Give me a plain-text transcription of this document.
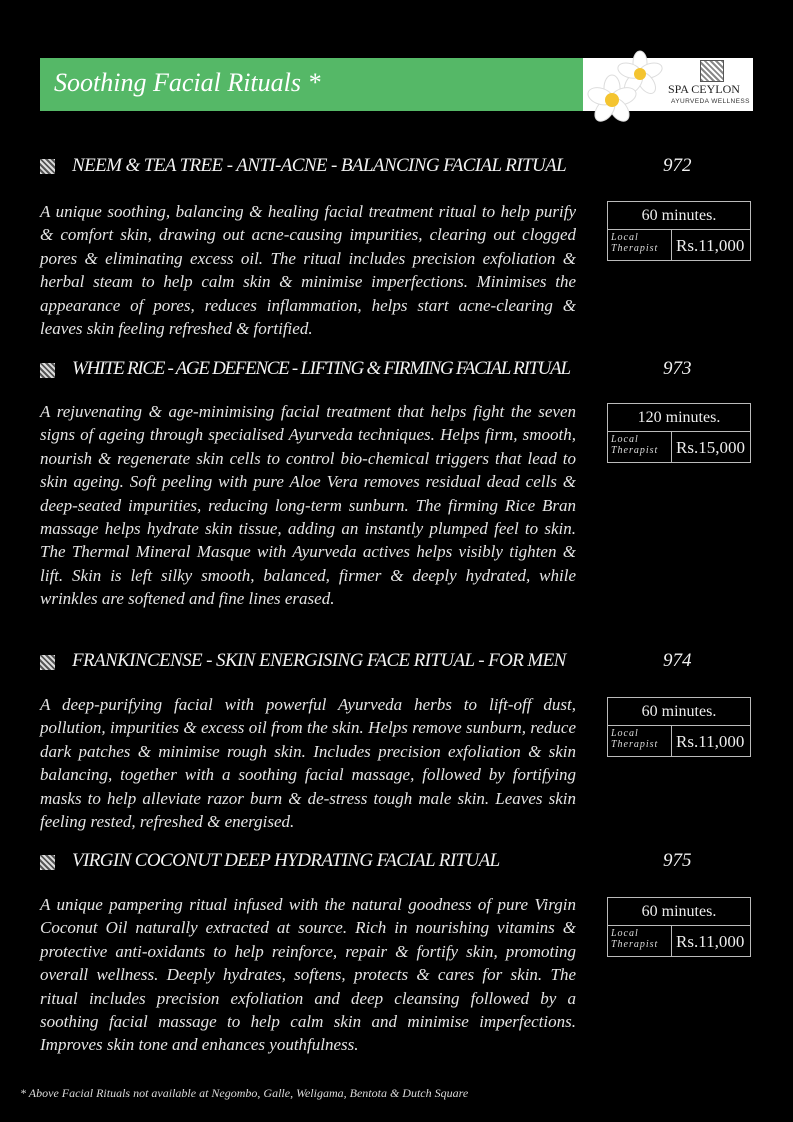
Soothing Facial Rituals *	SPA CEYLON
AYURVEDA WELLNESS
NEEM & TEA TREE - ANTI-ACNE - BALANCING FACIAL RITUAL	972

A unique soothing, balancing & healing facial treatment ritual to help purify & comfort skin, drawing out acne-causing impurities, clearing out clogged pores & eliminating excess oil. The ritual includes precision exfoliation & herbal steam to help calm skin & minimise imperfections. Minimises the appearance of pores, reduces inflammation, helps start acne-clearing & leaves skin feeling refreshed & fortified.

60 minutes.
Local
Therapist	Rs.11,000
WHITE RICE - AGE DEFENCE - LIFTING & FIRMING FACIAL RITUAL	973

A rejuvenating & age-minimising facial treatment that helps fight the seven signs of ageing through specialised Ayurveda techniques. Helps firm, smooth, nourish & regenerate skin cells to control bio-chemical triggers that lead to skin ageing. Soft peeling with pure Aloe Vera removes residual dead cells & deep-seated impurities, reducing long-term sunburn. The firming Rice Bran massage helps hydrate skin tissue, adding an instantly plumped feel to skin. The Thermal Mineral Masque with Ayurveda actives helps visibly tighten & lift. Skin is left silky smooth, balanced, firmer & deeply hydrated, while wrinkles are softened and fine lines erased.

120 minutes.
Local
Therapist	Rs.15,000
FRANKINCENSE - SKIN ENERGISING FACE RITUAL - FOR MEN	974

A deep-purifying facial with powerful Ayurveda herbs to lift-off dust, pollution, impurities & excess oil from the skin. Helps remove sunburn, reduce dark patches & minimise rough skin. Includes precision exfoliation & skin balancing, together with a soothing facial massage, followed by fortifying masks to help alleviate razor burn & de-stress tough male skin. Leaves skin feeling rested, refreshed & energised.

60 minutes.
Local
Therapist	Rs.11,000
VIRGIN COCONUT DEEP HYDRATING FACIAL RITUAL	975

A unique pampering ritual infused with the natural goodness of pure Virgin Coconut Oil naturally extracted at source. Rich in nourishing vitamins & protective anti-oxidants to help reinforce, repair & fortify skin, promoting overall wellness. Deeply hydrates, softens, protects & cares for skin. The ritual includes precision exfoliation and deep cleansing followed by a soothing facial massage to help calm skin and minimise imperfections. Improves skin tone and enhances youthfulness.

60 minutes.
Local
Therapist	Rs.11,000
* Above Facial Rituals not available at Negombo, Galle, Weligama, Bentota & Dutch Square
